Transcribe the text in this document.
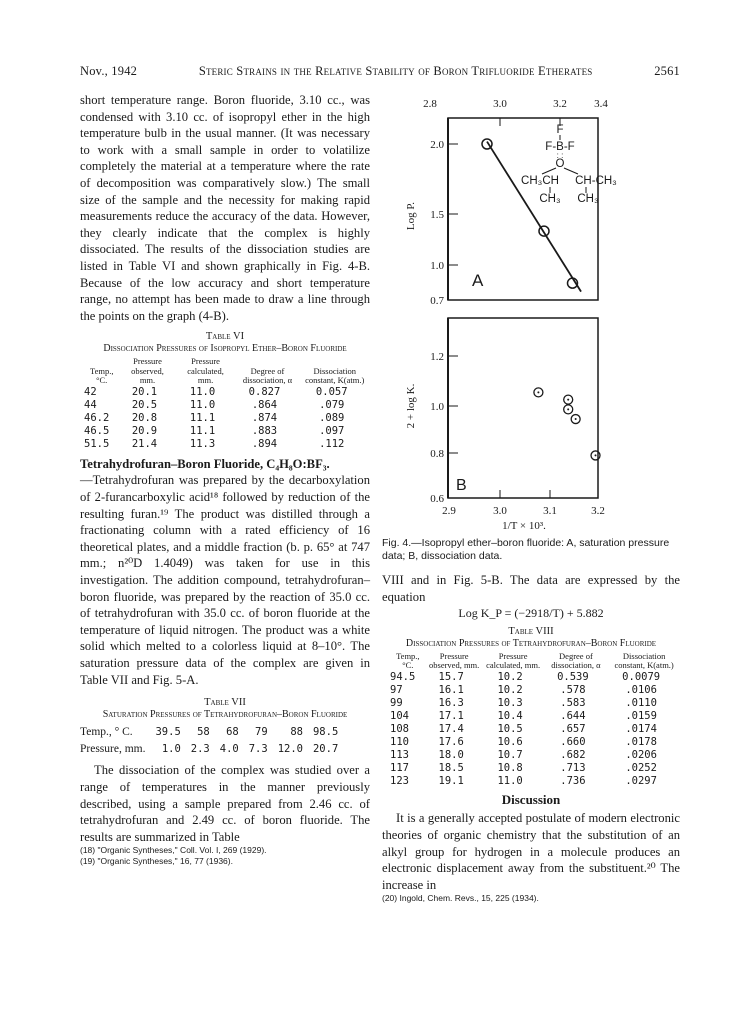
Nov., 1942	Steric Strains in the Relative Stability of Boron Trifluoride Etherates	2561

short temperature range. Boron fluoride, 3.10 cc., was condensed with 3.10 cc. of isopropyl ether in the high temperature bulb in the usual manner. (It was necessary to work with a small sample in order to volatilize completely the material at a temperature where the rate of decomposition was comparatively slow.) The small size of the sample and the necessity for making rapid measurements reduce the accuracy of the data. However, they clearly indicate that the complex is highly dissociated. The results of the dissociation studies are listed in Table VI and shown graphically in Fig. 4-B. Because of the low accuracy and short temperature range, no attempt has been made to draw a line through the points on the graph (4-B).

Table VI
Dissociation Pressures of Isopropyl Ether–Boron Fluoride
Temp., °C.	Pressure observed, mm.	Pressure calculated, mm.	Degree of dissociation, α	Dissociation constant, K(atm.)
42	20.1	11.0	0.827	0.057
44	20.5	11.0	.864	.079
46.2	20.8	11.1	.874	.089
46.5	20.9	11.1	.883	.097
51.5	21.4	11.3	.894	.112

Tetrahydrofuran–Boron Fluoride, C₄H₈O:BF₃.

—Tetrahydrofuran was prepared by the decarboxylation of 2-furancarboxylic acid¹⁸ followed by reduction of the resulting furan.¹⁹ The product was distilled through a fractionating column with a rated efficiency of 16 theoretical plates, and a middle fraction (b. p. 65° at 747 mm.; n²⁰D 1.4049) was taken for use in this investigation. The addition compound, tetrahydrofuran–boron fluoride, was prepared by the reaction of 35.0 cc. of tetrahydrofuran with 35.0 cc. of boron fluoride at the temperature of liquid nitrogen. The product was a white solid which melted to a colorless liquid at 8–10°. The saturation pressure data of the complex are given in Table VII and Fig. 5-A.

Table VII
Saturation Pressures of Tetrahydrofuran–Boron Fluoride
Temp., ° C.	39.5	58	68	79	88	98.5
Pressure, mm.	1.0	2.3	4.0	7.3	12.0	20.7

The dissociation of the complex was studied over a range of temperatures in the manner previously described, using a sample prepared from 2.46 cc. of tetrahydrofuran and 2.49 cc. of boron fluoride. The results are summarized in Table

(18) "Organic Syntheses," Coll. Vol. I, 269 (1929).
(19) "Organic Syntheses," 16, 77 (1936).
2.8	3.0	3.2 3.4
2.0
1.5
1.0
0.7
Log P.
A
F
F-B-F
: :
O
CH₃CH CH-CH₃
CH₃ CH₃
1.2
1.0
0.8
0.6
2 + log K.
B
2.9	3.0	3.1	3.2
1/T × 10³.
Fig. 4.—Isopropyl ether–boron fluoride: A, saturation pressure data; B, dissociation data.

VIII and in Fig. 5-B. The data are expressed by the equation

Log K_P = (−2918/T) + 5.882
Table VIII
Dissociation Pressures of Tetrahydrofuran–Boron Fluoride
Temp., °C.	Pressure observed, mm.	Pressure calculated, mm.	Degree of dissociation, α	Dissociation constant, K(atm.)
94.5	15.7	10.2	0.539	0.0079
97	16.1	10.2	.578	.0106
99	16.3	10.3	.583	.0110
104	17.1	10.4	.644	.0159
108	17.4	10.5	.657	.0174
110	17.6	10.6	.660	.0178
113	18.0	10.7	.682	.0206
117	18.5	10.8	.713	.0252
123	19.1	11.0	.736	.0297
Discussion

It is a generally accepted postulate of modern electronic theories of organic chemistry that the substitution of an alkyl group for hydrogen in a molecule produces an electronic displacement away from the substituent.²⁰ The increase in

(20) Ingold, Chem. Revs., 15, 225 (1934).
